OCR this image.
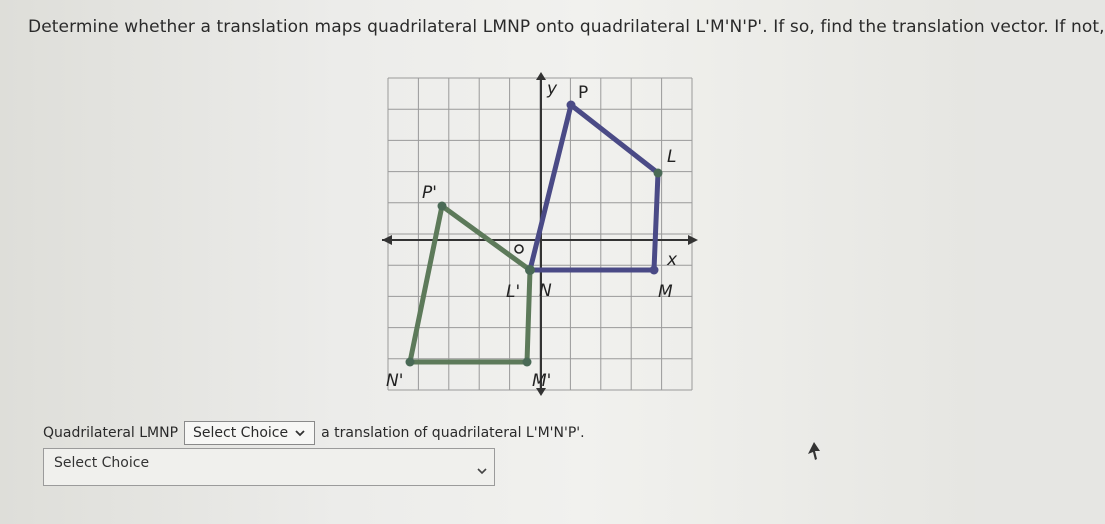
Determine whether a translation maps quadrilateral LMNP onto quadrilateral L'M'N'P'. If so, find the translation vector. If not,
y
x
P
L
M
N
L'
P'
N'	M'
Quadrilateral LMNP Select Choice a translation of quadrilateral L'M'N'P'.
Select Choice
